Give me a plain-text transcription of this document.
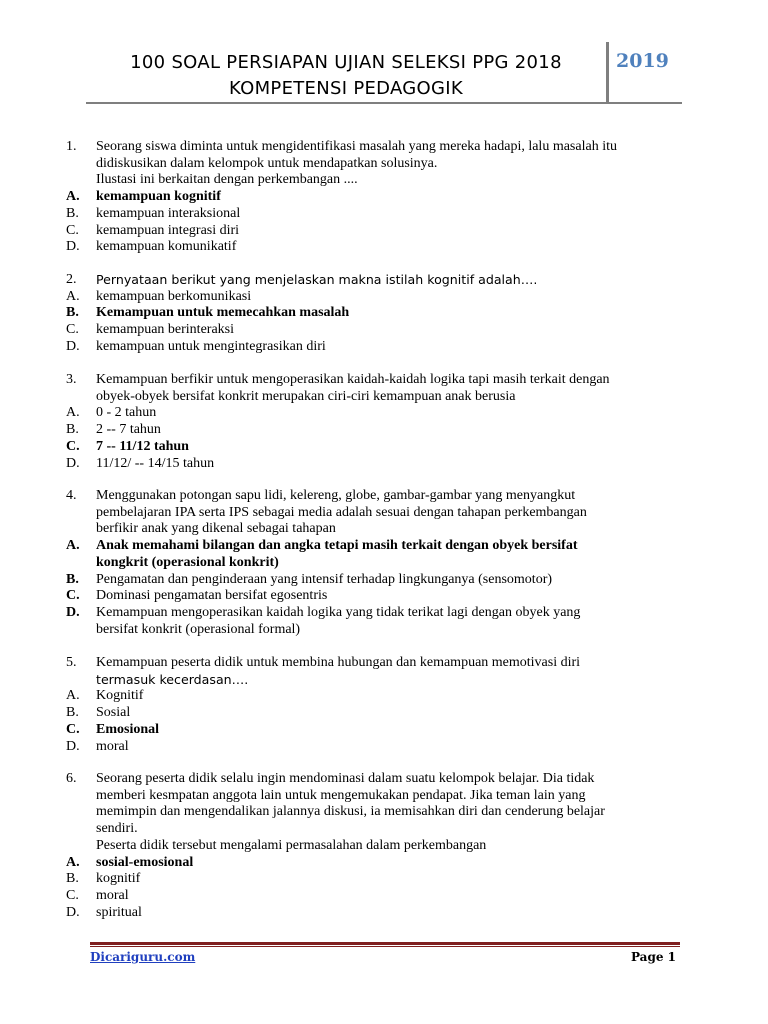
100 SOAL PERSIAPAN UJIAN SELEKSI PPG 2018
KOMPETENSI PEDAGOGIK
2019
1.	Seorang siswa diminta untuk mengidentifikasi masalah yang mereka hadapi, lalu masalah itu
didiskusikan dalam kelompok untuk mendapatkan solusinya.
Ilustasi ini berkaitan dengan perkembangan ....
A.	kemampuan kognitif
B.	kemampuan interaksional
C.	kemampuan integrasi diri
D.	kemampuan komunikatif
2.	Pernyataan berikut yang menjelaskan makna istilah kognitif adalah….
A.	kemampuan berkomunikasi
B.	Kemampuan untuk memecahkan masalah
C.	kemampuan berinteraksi
D.	kemampuan untuk mengintegrasikan diri
3.	Kemampuan berfikir untuk mengoperasikan kaidah-kaidah logika tapi masih terkait dengan
obyek-obyek bersifat konkrit merupakan ciri-ciri kemampuan anak berusia
A.	0 - 2 tahun
B.	2 -- 7 tahun
C.	7 -- 11/12 tahun
D.	11/12/ -- 14/15 tahun
4.	Menggunakan potongan sapu lidi, kelereng, globe, gambar-gambar yang menyangkut
pembelajaran IPA serta IPS sebagai media adalah sesuai dengan tahapan perkembangan
berfikir anak yang dikenal sebagai tahapan
A.	Anak memahami bilangan dan angka tetapi masih terkait dengan obyek bersifat
kongkrit (operasional konkrit)
B.	Pengamatan dan penginderaan yang intensif terhadap lingkunganya (sensomotor)
C.	Dominasi pengamatan bersifat egosentris
D.	Kemampuan mengoperasikan kaidah logika yang tidak terikat lagi dengan obyek yang
bersifat konkrit (operasional formal)
5.	Kemampuan peserta didik untuk membina hubungan dan kemampuan memotivasi diri
termasuk kecerdasan….
A.	Kognitif
B.	Sosial
C.	Emosional
D.	moral
6.	Seorang peserta didik selalu ingin mendominasi dalam suatu kelompok belajar. Dia tidak
memberi kesmpatan anggota lain untuk mengemukakan pendapat. Jika teman lain yang
memimpin dan mengendalikan jalannya diskusi, ia memisahkan diri dan cenderung belajar
sendiri.
Peserta didik tersebut mengalami permasalahan dalam perkembangan
A.	sosial-emosional
B.	kognitif
C.	moral
D.	spiritual
Dicariguru.com	Page 1
